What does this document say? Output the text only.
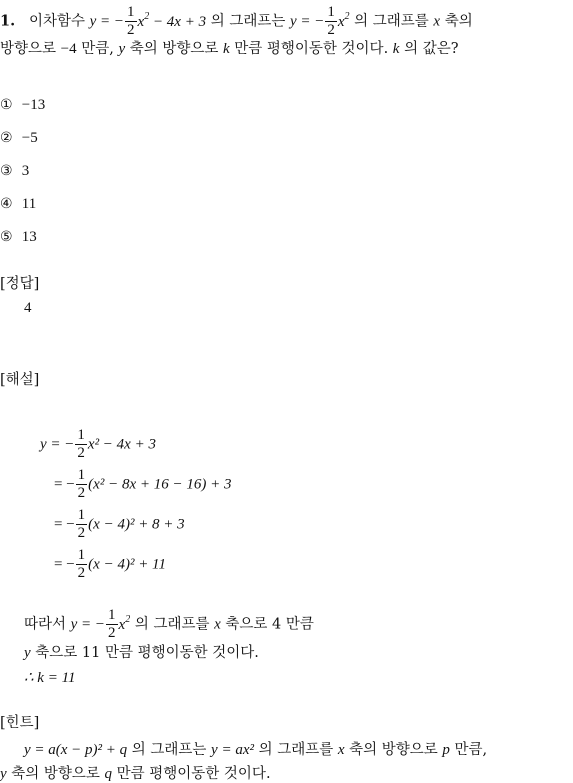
1. 이차함수 y = − $\frac{1}{2} x^2 - 4x + 3$ 의 그래프는 y = − $\frac{1}{2} x^2$ 의 그래프를 x 축의
방향으로 −4 만큼, y 축의 방향으로 k 만큼 평행이동한 것이다. k 의 값은?
① −13
② −5
③ 3
④ 11
⑤ 13
[정답]
4
[해설]
y = − $\frac{1}{2} x^2 - 4x + 3$
= − $\frac{1}{2} (x^2 - 8x + 16 - 16) + 3$
= − $\frac{1}{2} (x - 4)^2 + 8 + 3$
= − $\frac{1}{2} (x - 4)^2 + 11$
따라서 y = − $\frac{1}{2} x^2$ 의 그래프를 x 축으로 4 만큼
y 축으로 11 만큼 평행이동한 것이다.
∴ k = 11
[힌트]
y = a(x − p)² + q 의 그래프는 y = ax² 의 그래프를 x 축의 방향으로 p 만큼,
y 축의 방향으로 q 만큼 평행이동한 것이다.
